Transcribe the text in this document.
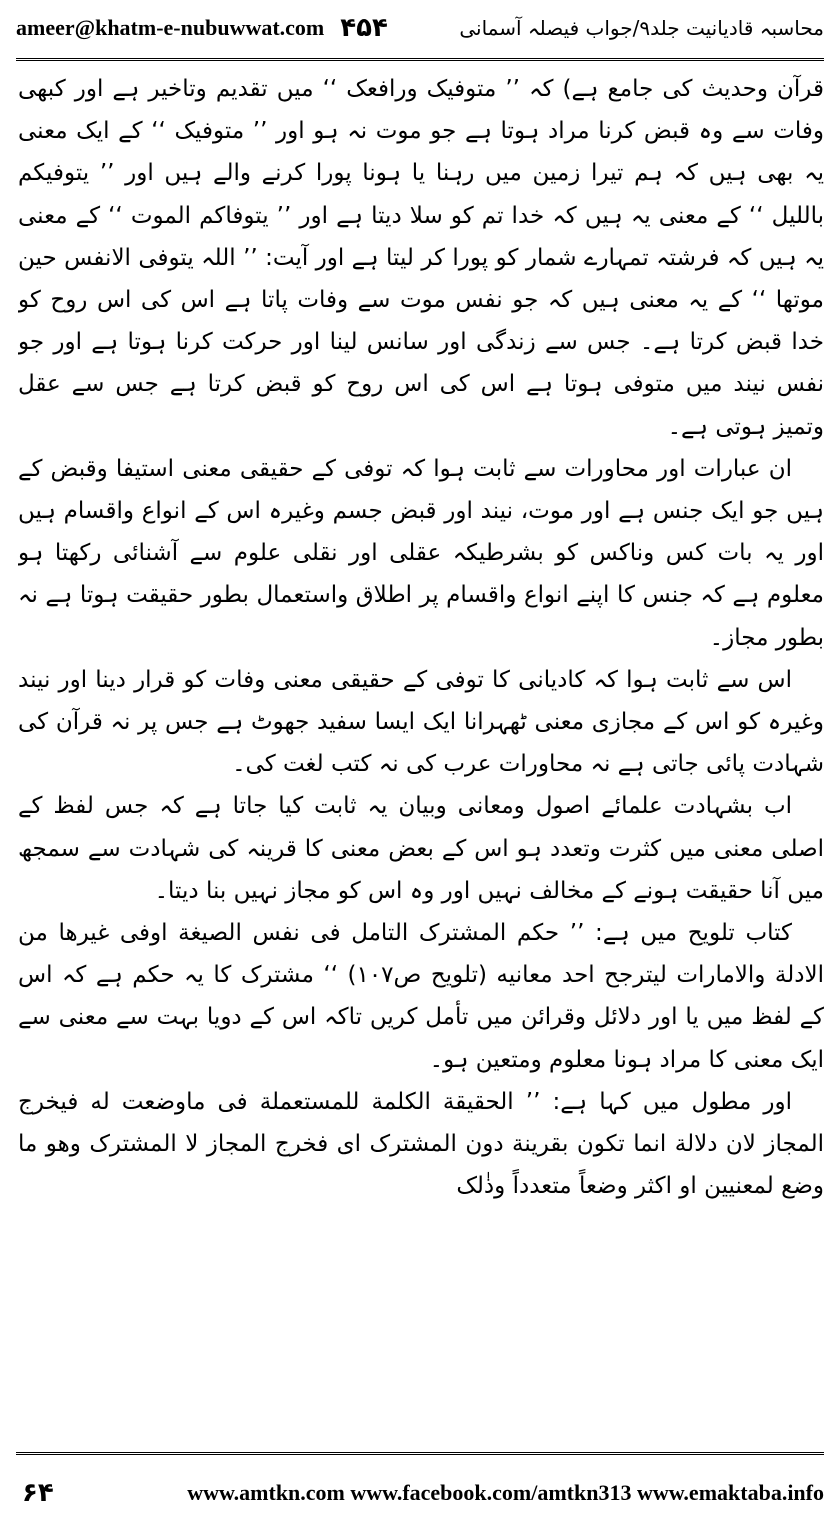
ameer@khatm-e-nubuwwat.com ۴۵۴	محاسبہ قادیانیت جلد۹/جواب فیصلہ آسمانی

قرآن وحدیث کی جامع ہے) کہ ’’ متوفیک ورافعک ‘‘ میں تقدیم وتاخیر ہے اور کبھی وفات سے وہ قبض کرنا مراد ہوتا ہے جو موت نہ ہو اور ’’ متوفیک ‘‘ کے ایک معنی یہ بھی ہیں کہ ہم تیرا زمین میں رہنا یا ہونا پورا کرنے والے ہیں اور ’’ یتوفیکم باللیل ‘‘ کے معنی یہ ہیں کہ خدا تم کو سلا دیتا ہے اور ’’ یتوفاکم الموت ‘‘ کے معنی یہ ہیں کہ فرشتہ تمہارے شمار کو پورا کر لیتا ہے اور آیت: ’’ اللہ یتوفی الانفس حین موتھا ‘‘ کے یہ معنی ہیں کہ جو نفس موت سے وفات پاتا ہے اس کی اس روح کو خدا قبض کرتا ہے۔ جس سے زندگی اور سانس لینا اور حرکت کرنا ہوتا ہے اور جو نفس نیند میں متوفی ہوتا ہے اس کی اس روح کو قبض کرتا ہے جس سے عقل وتمیز ہوتی ہے۔

ان عبارات اور محاورات سے ثابت ہوا کہ توفی کے حقیقی معنی استیفا وقبض کے ہیں جو ایک جنس ہے اور موت، نیند اور قبض جسم وغیرہ اس کے انواع واقسام ہیں اور یہ بات کس وناکس کو بشرطیکہ عقلی اور نقلی علوم سے آشنائی رکھتا ہو معلوم ہے کہ جنس کا اپنے انواع واقسام پر اطلاق واستعمال بطور حقیقت ہوتا ہے نہ بطور مجاز۔

اس سے ثابت ہوا کہ کادیانی کا توفی کے حقیقی معنی وفات کو قرار دینا اور نیند وغیرہ کو اس کے مجازی معنی ٹھہرانا ایک ایسا سفید جھوٹ ہے جس پر نہ قرآن کی شہادت پائی جاتی ہے نہ محاورات عرب کی نہ کتب لغت کی۔

اب بشہادت علمائے اصول ومعانی وبیان یہ ثابت کیا جاتا ہے کہ جس لفظ کے اصلی معنی میں کثرت وتعدد ہو اس کے بعض معنی کا قرینہ کی شہادت سے سمجھ میں آنا حقیقت ہونے کے مخالف نہیں اور وہ اس کو مجاز نہیں بنا دیتا۔

کتاب تلویح میں ہے: ’’ حکم المشترک التامل فی نفس الصیغة اوفی غیرھا من الادلة والامارات لیترجح احد معانیه (تلویح ص۱۰۷) ‘‘ مشترک کا یہ حکم ہے کہ اس کے لفظ میں یا اور دلائل وقرائن میں تأمل کریں تاکہ اس کے دویا بہت سے معنی سے ایک معنی کا مراد ہونا معلوم ومتعین ہو۔

اور مطول میں کہا ہے: ’’ الحقیقة الکلمة للمستعملة فی ماوضعت له فیخرج المجاز لان دلالة انما تکون بقرینة دون المشترک ای فخرج المجاز لا المشترک وھو ما وضع لمعنیین او اکثر وضعاً متعدداً وذٰلک

۶۴	www.amtkn.com www.facebook.com/amtkn313 www.emaktaba.info
